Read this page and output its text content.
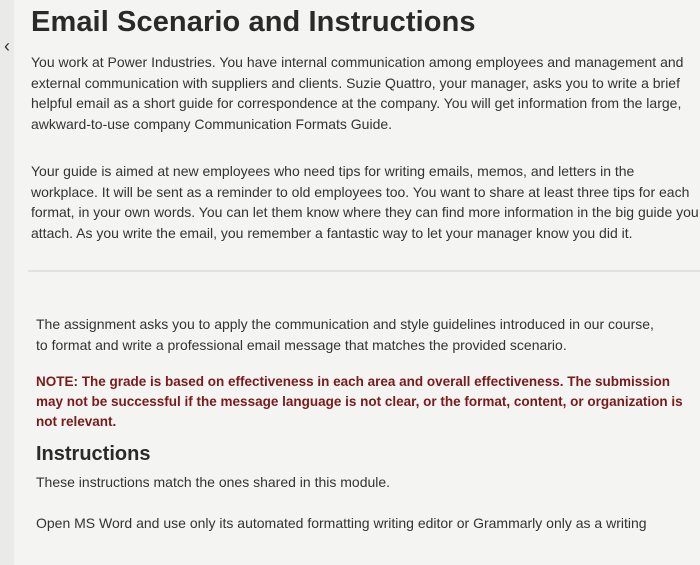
‹
Email Scenario and Instructions

You work at Power Industries. You have internal communication among employees and management and external communication with suppliers and clients. Suzie Quattro, your manager, asks you to write a brief helpful email as a short guide for correspondence at the company. You will get information from the large, awkward-to-use company Communication Formats Guide.

Your guide is aimed at new employees who need tips for writing emails, memos, and letters in the workplace. It will be sent as a reminder to old employees too. You want to share at least three tips for each format, in your own words. You can let them know where they can find more information in the big guide you attach. As you write the email, you remember a fantastic way to let your manager know you did it.

The assignment asks you to apply the communication and style guidelines introduced in our course, to format and write a professional email message that matches the provided scenario.

NOTE: The grade is based on effectiveness in each area and overall effectiveness. The submission may not be successful if the message language is not clear, or the format, content, or organization is not relevant.

Instructions

These instructions match the ones shared in this module.

Open MS Word and use only its automated formatting writing editor or Grammarly only as a writing
